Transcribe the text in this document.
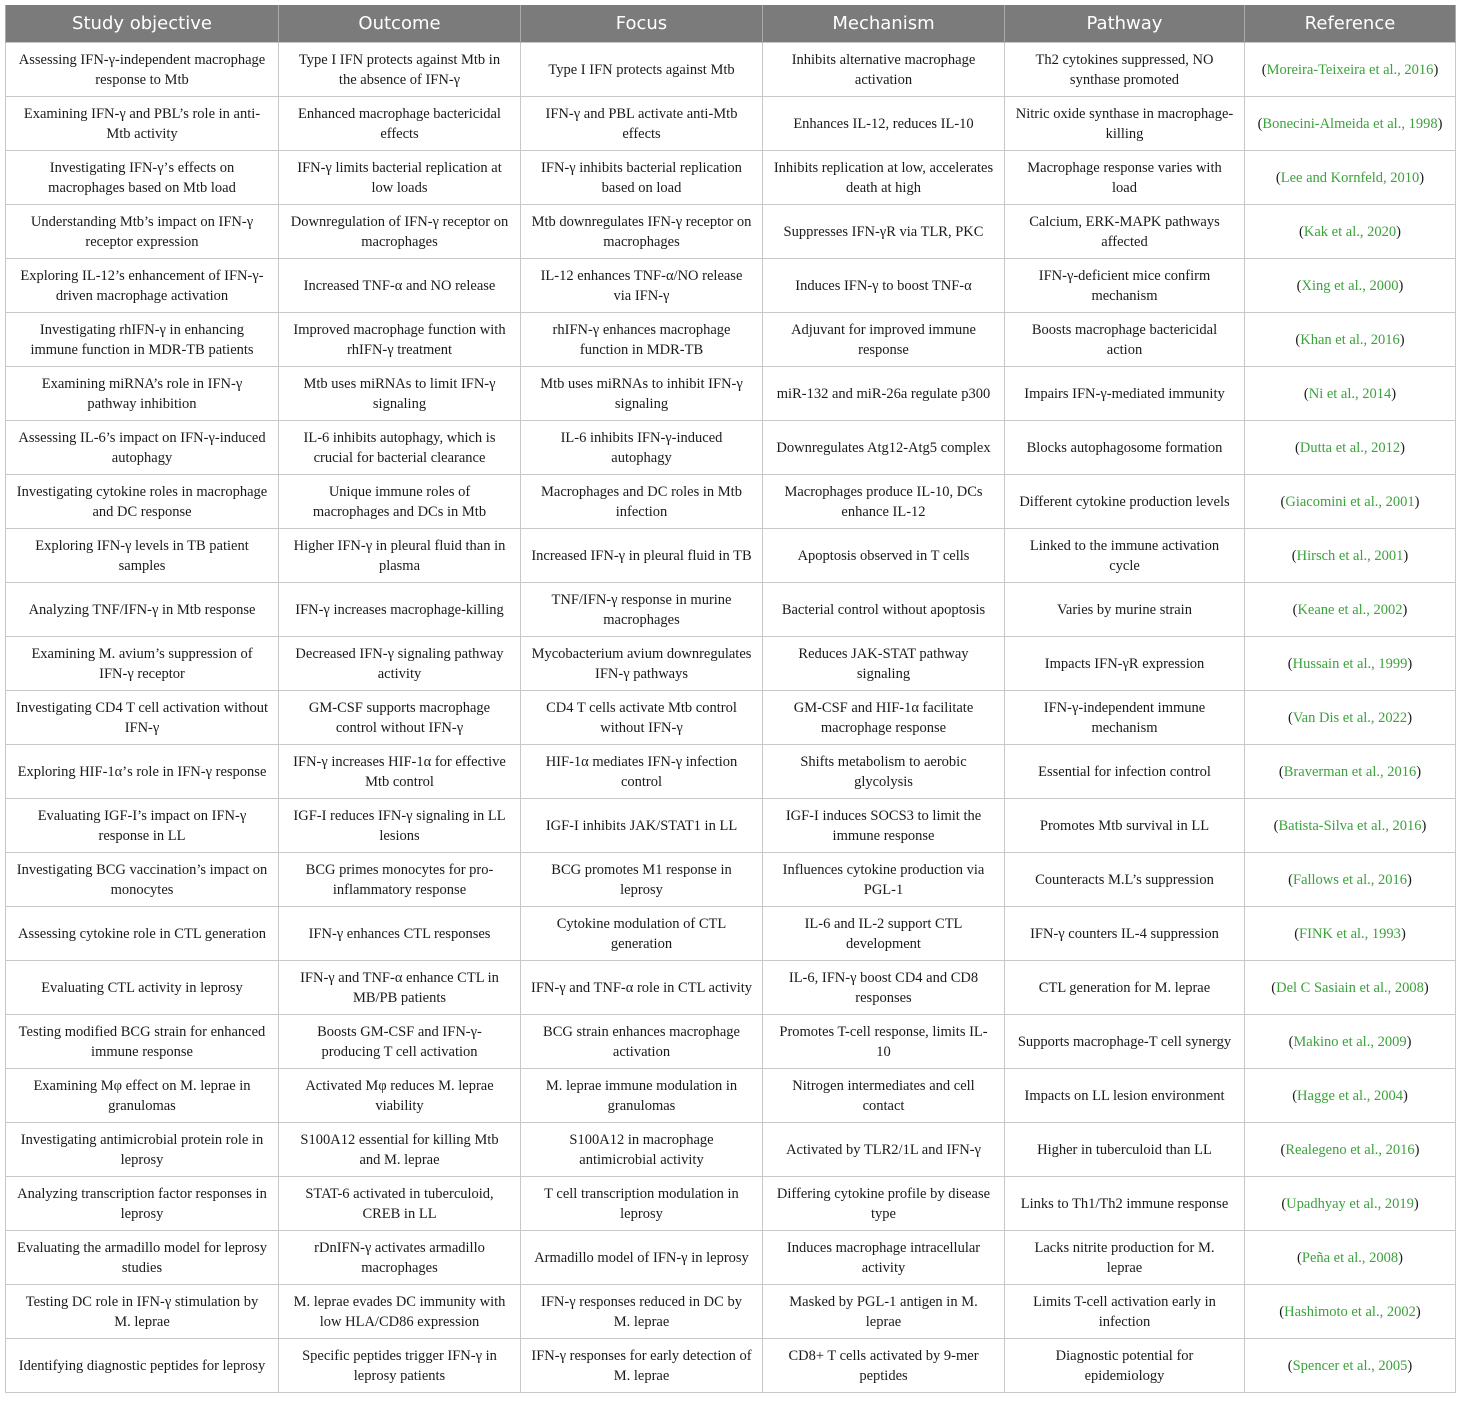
Study objective	Outcome	Focus	Mechanism	Pathway	Reference
Assessing IFN-γ-independent macrophage response to Mtb	Type I IFN protects against Mtb in the absence of IFN-γ	Type I IFN protects against Mtb	Inhibits alternative macrophage activation	Th2 cytokines suppressed, NO synthase promoted	(Moreira-Teixeira et al., 2016)
Examining IFN-γ and PBL’s role in anti-Mtb activity	Enhanced macrophage bactericidal effects	IFN-γ and PBL activate anti-Mtb effects	Enhances IL-12, reduces IL-10	Nitric oxide synthase in macrophage-killing	(Bonecini-Almeida et al., 1998)
Investigating IFN-γ’s effects on macrophages based on Mtb load	IFN-γ limits bacterial replication at low loads	IFN-γ inhibits bacterial replication based on load	Inhibits replication at low, accelerates death at high	Macrophage response varies with load	(Lee and Kornfeld, 2010)
Understanding Mtb’s impact on IFN-γ receptor expression	Downregulation of IFN-γ receptor on macrophages	Mtb downregulates IFN-γ receptor on macrophages	Suppresses IFN-γR via TLR, PKC	Calcium, ERK-MAPK pathways affected	(Kak et al., 2020)
Exploring IL-12’s enhancement of IFN-γ-driven macrophage activation	Increased TNF-α and NO release	IL-12 enhances TNF-α/NO release via IFN-γ	Induces IFN-γ to boost TNF-α	IFN-γ-deficient mice confirm mechanism	(Xing et al., 2000)
Investigating rhIFN-γ in enhancing immune function in MDR-TB patients	Improved macrophage function with rhIFN-γ treatment	rhIFN-γ enhances macrophage function in MDR-TB	Adjuvant for improved immune response	Boosts macrophage bactericidal action	(Khan et al., 2016)
Examining miRNA’s role in IFN-γ pathway inhibition	Mtb uses miRNAs to limit IFN-γ signaling	Mtb uses miRNAs to inhibit IFN-γ signaling	miR-132 and miR-26a regulate p300	Impairs IFN-γ-mediated immunity	(Ni et al., 2014)
Assessing IL-6’s impact on IFN-γ-induced autophagy	IL-6 inhibits autophagy, which is crucial for bacterial clearance	IL-6 inhibits IFN-γ-induced autophagy	Downregulates Atg12-Atg5 complex	Blocks autophagosome formation	(Dutta et al., 2012)
Investigating cytokine roles in macrophage and DC response	Unique immune roles of macrophages and DCs in Mtb	Macrophages and DC roles in Mtb infection	Macrophages produce IL-10, DCs enhance IL-12	Different cytokine production levels	(Giacomini et al., 2001)
Exploring IFN-γ levels in TB patient samples	Higher IFN-γ in pleural fluid than in plasma	Increased IFN-γ in pleural fluid in TB	Apoptosis observed in T cells	Linked to the immune activation cycle	(Hirsch et al., 2001)
Analyzing TNF/IFN-γ in Mtb response	IFN-γ increases macrophage-killing	TNF/IFN-γ response in murine macrophages	Bacterial control without apoptosis	Varies by murine strain	(Keane et al., 2002)
Examining M. avium’s suppression of IFN-γ receptor	Decreased IFN-γ signaling pathway activity	Mycobacterium avium downregulates IFN-γ pathways	Reduces JAK-STAT pathway signaling	Impacts IFN-γR expression	(Hussain et al., 1999)
Investigating CD4 T cell activation without IFN-γ	GM-CSF supports macrophage control without IFN-γ	CD4 T cells activate Mtb control without IFN-γ	GM-CSF and HIF-1α facilitate macrophage response	IFN-γ-independent immune mechanism	(Van Dis et al., 2022)
Exploring HIF-1α’s role in IFN-γ response	IFN-γ increases HIF-1α for effective Mtb control	HIF-1α mediates IFN-γ infection control	Shifts metabolism to aerobic glycolysis	Essential for infection control	(Braverman et al., 2016)
Evaluating IGF-I’s impact on IFN-γ response in LL	IGF-I reduces IFN-γ signaling in LL lesions	IGF-I inhibits JAK/STAT1 in LL	IGF-I induces SOCS3 to limit the immune response	Promotes Mtb survival in LL	(Batista-Silva et al., 2016)
Investigating BCG vaccination’s impact on monocytes	BCG primes monocytes for pro-inflammatory response	BCG promotes M1 response in leprosy	Influences cytokine production via PGL-1	Counteracts M.L’s suppression	(Fallows et al., 2016)
Assessing cytokine role in CTL generation	IFN-γ enhances CTL responses	Cytokine modulation of CTL generation	IL-6 and IL-2 support CTL development	IFN-γ counters IL-4 suppression	(FINK et al., 1993)
Evaluating CTL activity in leprosy	IFN-γ and TNF-α enhance CTL in MB/PB patients	IFN-γ and TNF-α role in CTL activity	IL-6, IFN-γ boost CD4 and CD8 responses	CTL generation for M. leprae	(Del C Sasiain et al., 2008)
Testing modified BCG strain for enhanced immune response	Boosts GM-CSF and IFN-γ-producing T cell activation	BCG strain enhances macrophage activation	Promotes T-cell response, limits IL-10	Supports macrophage-T cell synergy	(Makino et al., 2009)
Examining Mφ effect on M. leprae in granulomas	Activated Mφ reduces M. leprae viability	M. leprae immune modulation in granulomas	Nitrogen intermediates and cell contact	Impacts on LL lesion environment	(Hagge et al., 2004)
Investigating antimicrobial protein role in leprosy	S100A12 essential for killing Mtb and M. leprae	S100A12 in macrophage antimicrobial activity	Activated by TLR2/1L and IFN-γ	Higher in tuberculoid than LL	(Realegeno et al., 2016)
Analyzing transcription factor responses in leprosy	STAT-6 activated in tuberculoid, CREB in LL	T cell transcription modulation in leprosy	Differing cytokine profile by disease type	Links to Th1/Th2 immune response	(Upadhyay et al., 2019)
Evaluating the armadillo model for leprosy studies	rDnIFN-γ activates armadillo macrophages	Armadillo model of IFN-γ in leprosy	Induces macrophage intracellular activity	Lacks nitrite production for M. leprae	(Peña et al., 2008)
Testing DC role in IFN-γ stimulation by M. leprae	M. leprae evades DC immunity with low HLA/CD86 expression	IFN-γ responses reduced in DC by M. leprae	Masked by PGL-1 antigen in M. leprae	Limits T-cell activation early in infection	(Hashimoto et al., 2002)
Identifying diagnostic peptides for leprosy	Specific peptides trigger IFN-γ in leprosy patients	IFN-γ responses for early detection of M. leprae	CD8+ T cells activated by 9-mer peptides	Diagnostic potential for epidemiology	(Spencer et al., 2005)
